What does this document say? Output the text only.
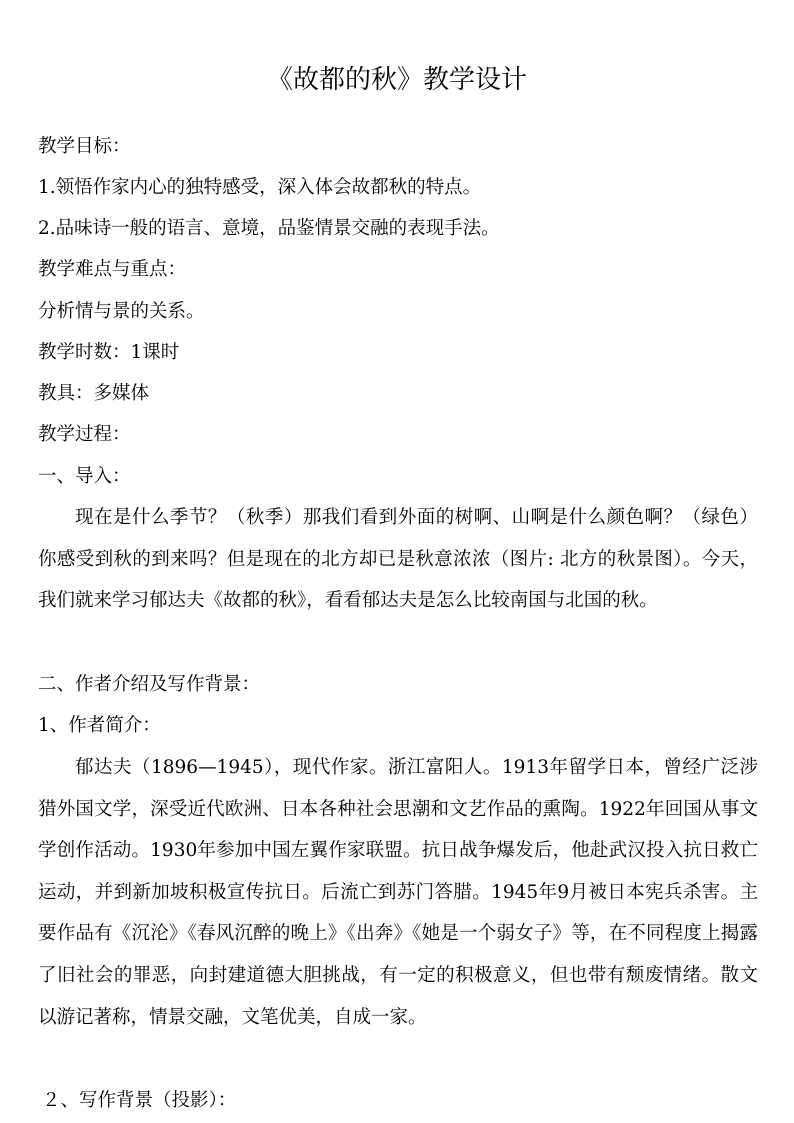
《故都的秋》教学设计
教学目标：
1.领悟作家内心的独特感受，深入体会故都秋的特点。
2.品味诗一般的语言、意境，品鉴情景交融的表现手法。
教学难点与重点：
分析情与景的关系。
教学时数：1课时
教具：多媒体
教学过程：
一、导入：
现在是什么季节？（秋季）那我们看到外面的树啊、山啊是什么颜色啊？（绿色）你感受到秋的到来吗？但是现在的北方却已是秋意浓浓（图片: 北方的秋景图）。今天，我们就来学习郁达夫《故都的秋》，看看郁达夫是怎么比较南国与北国的秋。
二、作者介绍及写作背景：
1、作者简介：
郁达夫（1896—1945），现代作家。浙江富阳人。1913年留学日本，曾经广泛涉猎外国文学，深受近代欧洲、日本各种社会思潮和文艺作品的熏陶。1922年回国从事文学创作活动。1930年参加中国左翼作家联盟。抗日战争爆发后，他赴武汉投入抗日救亡运动，并到新加坡积极宣传抗日。后流亡到苏门答腊。1945年9月被日本宪兵杀害。主要作品有《沉沦》《春风沉醉的晚上》《出奔》《她是一个弱女子》等，在不同程度上揭露了旧社会的罪恶，向封建道德大胆挑战，有一定的积极意义，但也带有颓废情绪。散文以游记著称，情景交融，文笔优美，自成一家。
２、写作背景（投影）：
